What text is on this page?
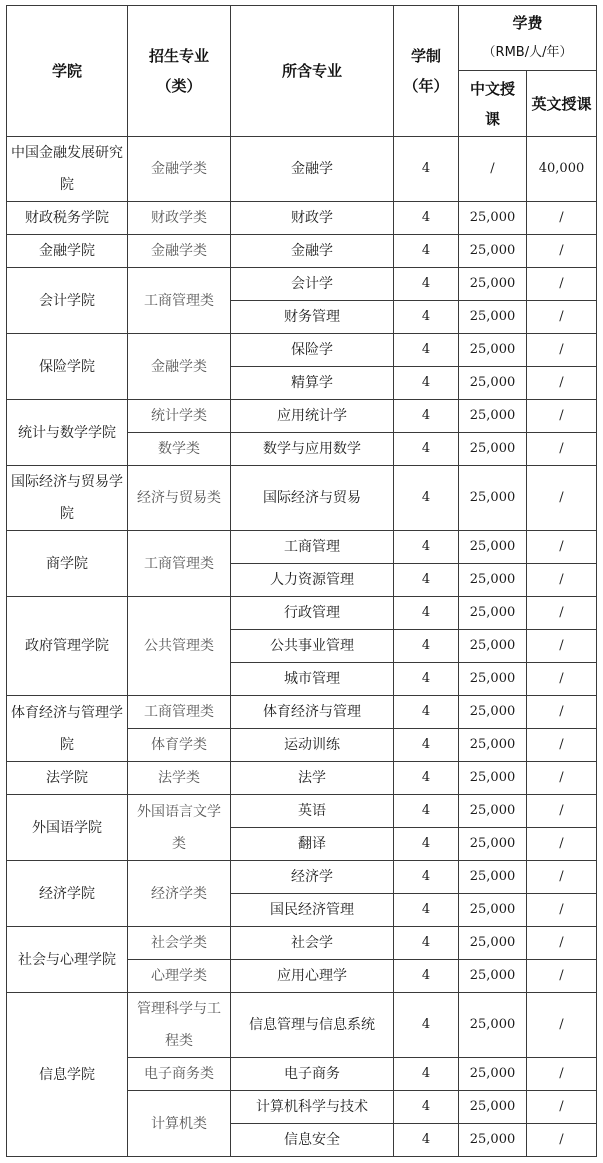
学院	招生专业（类）	所含专业	学制（年）	学费
（RMB/人/年）	

				中文授课	英文授课
中国金融发展研究院	金融学类	金融学	4	/	40,000
财政税务学院	财政学类	财政学	4	25,000	/
金融学院	金融学类	金融学	4	25,000	/
会计学院	工商管理类	会计学	4	25,000	/
		财务管理	4	25,000	/
保险学院	金融学类	保险学	4	25,000	/
		精算学	4	25,000	/
统计与数学学院	统计学类	应用统计学	4	25,000	/
	数学类	数学与应用数学	4	25,000	/
国际经济与贸易学院	经济与贸易类	国际经济与贸易	4	25,000	/
商学院	工商管理类	工商管理	4	25,000	/
		人力资源管理	4	25,000	/
政府管理学院	公共管理类	行政管理	4	25,000	/
		公共事业管理	4	25,000	/
		城市管理	4	25,000	/
体育经济与管理学院	工商管理类	体育经济与管理	4	25,000	/
	体育学类	运动训练	4	25,000	/
法学院	法学类	法学	4	25,000	/
外国语学院	外国语言文学类	英语	4	25,000	/
		翻译	4	25,000	/
经济学院	经济学类	经济学	4	25,000	/
		国民经济管理	4	25,000	/
社会与心理学院	社会学类	社会学	4	25,000	/
	心理学类	应用心理学	4	25,000	/
信息学院	管理科学与工程类	信息管理与信息系统	4	25,000	/
	电子商务类	电子商务	4	25,000	/
	计算机类	计算机科学与技术	4	25,000	/
		信息安全	4	25,000	/
